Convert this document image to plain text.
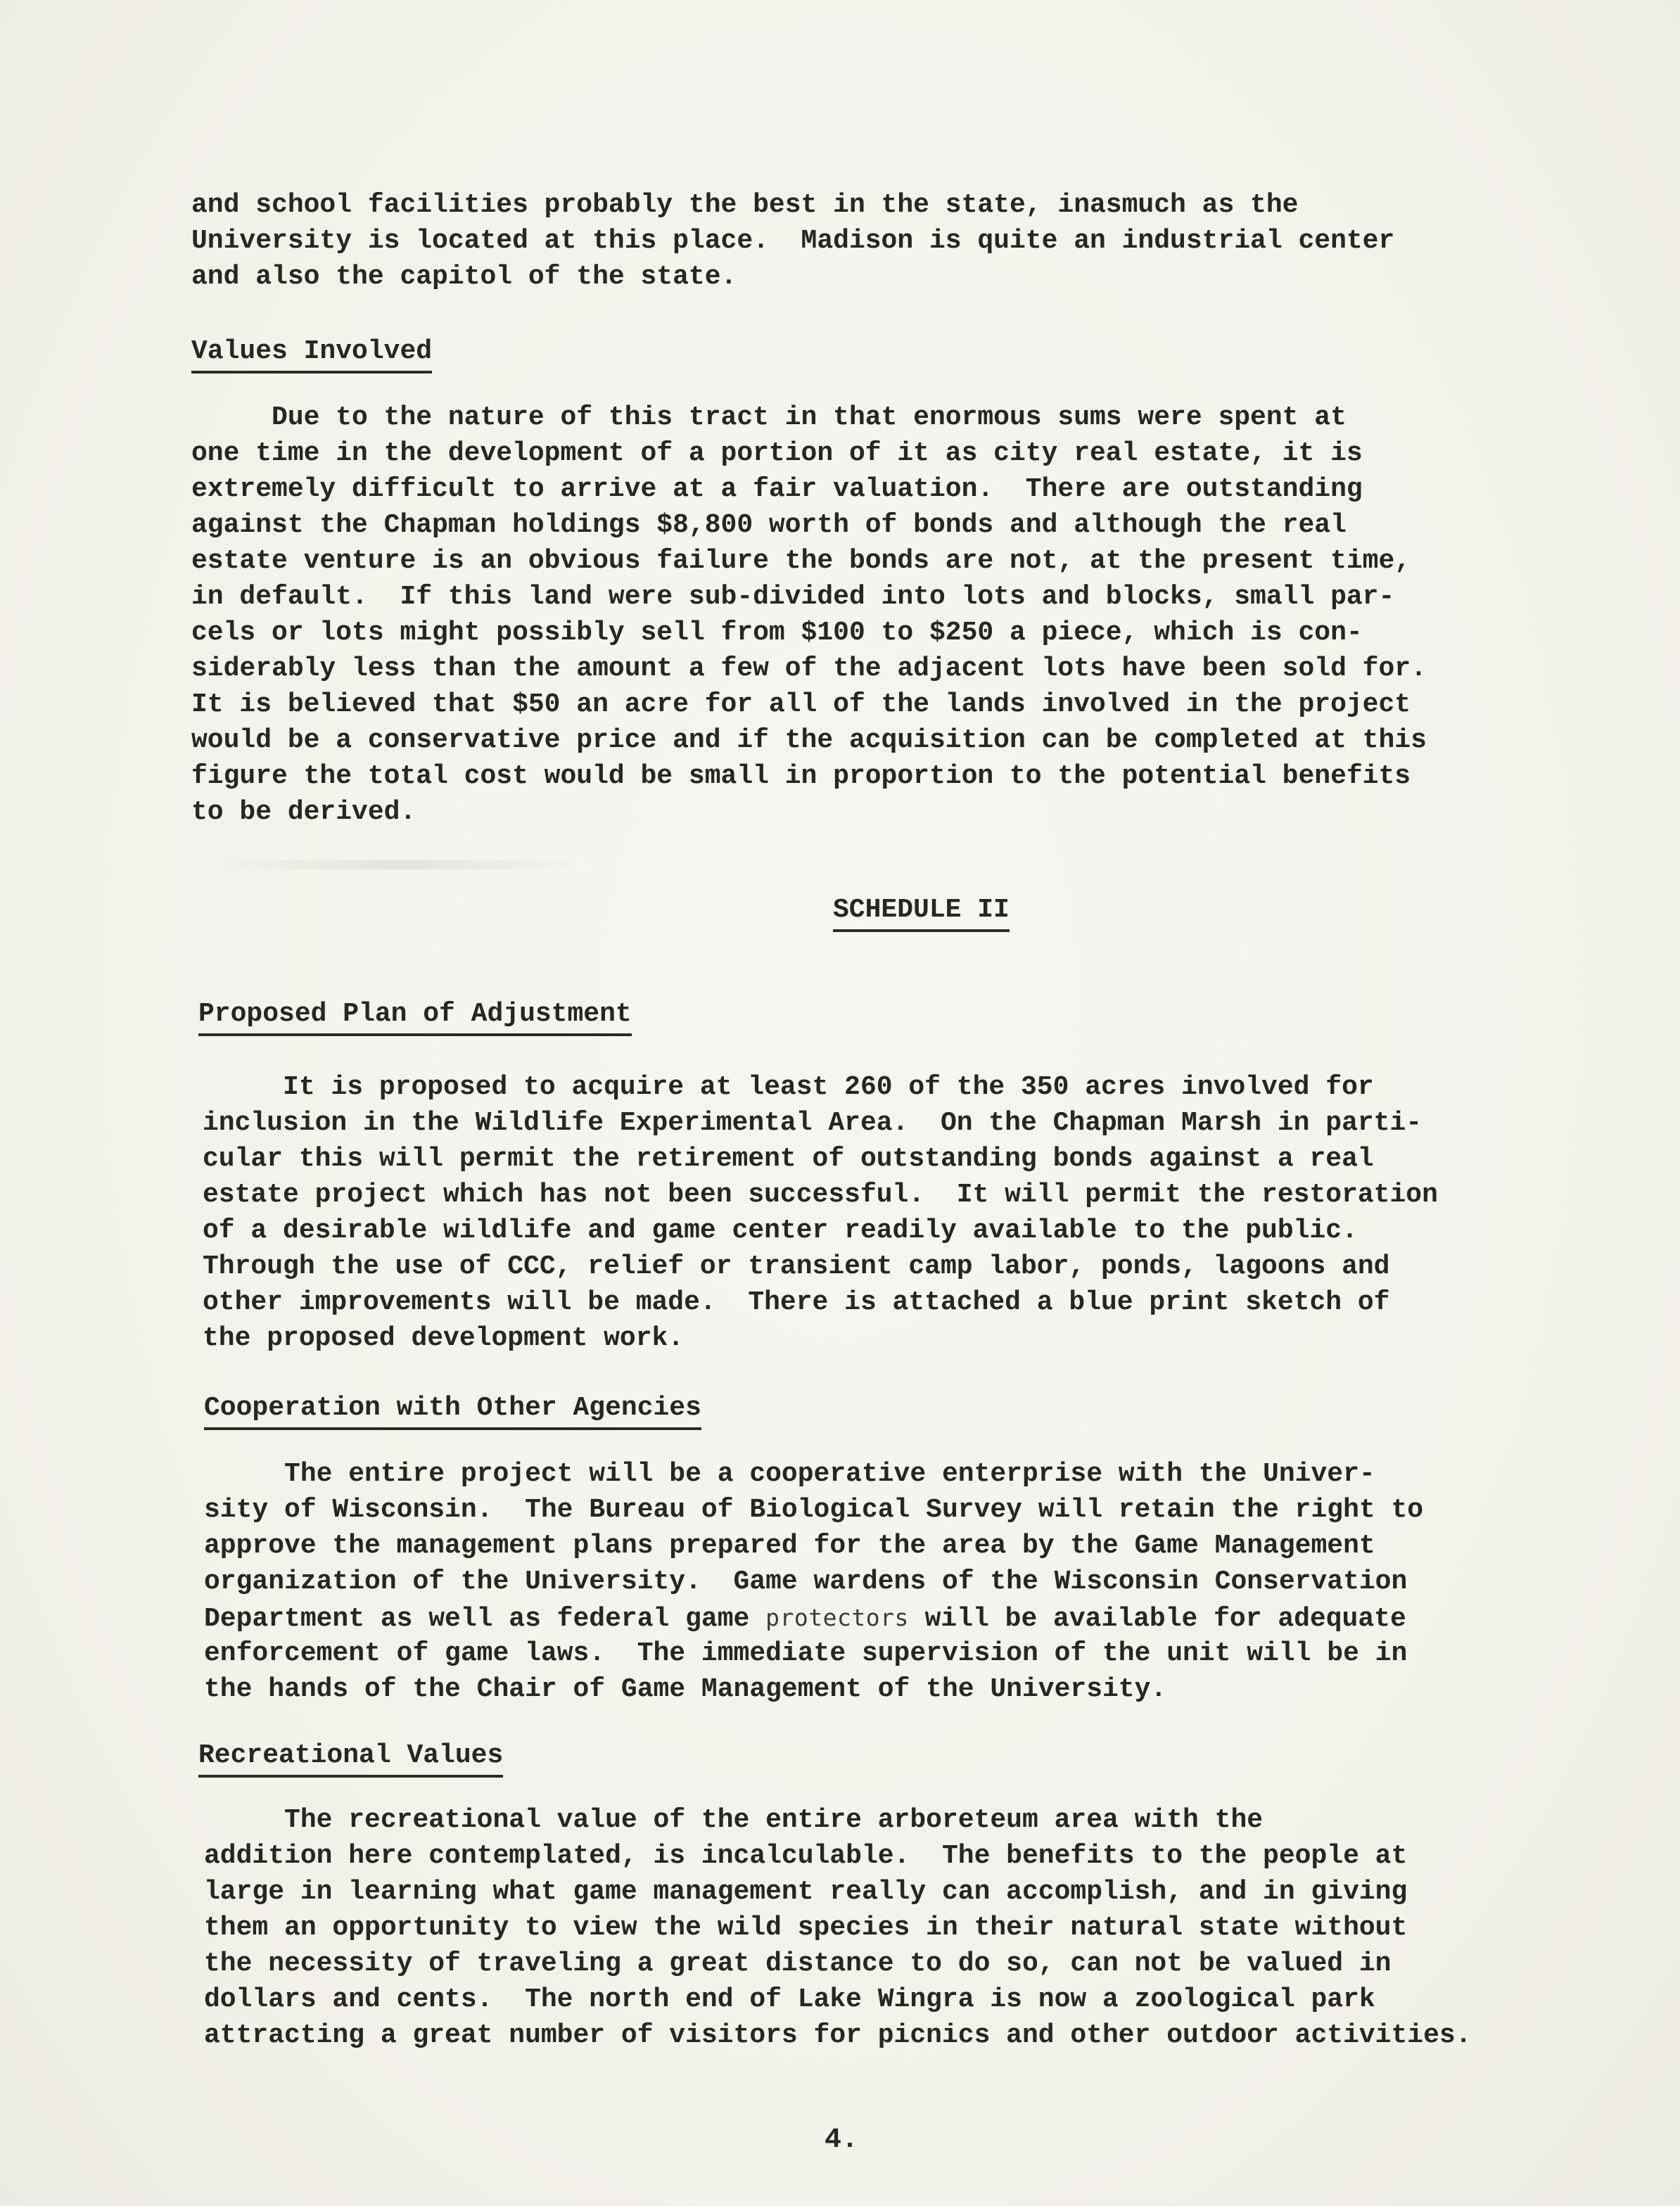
and school facilities probably the best in the state, inasmuch as the
University is located at this place.  Madison is quite an industrial center
and also the capitol of the state.
Values Involved
Due to the nature of this tract in that enormous sums were spent at
one time in the development of a portion of it as city real estate, it is
extremely difficult to arrive at a fair valuation.  There are outstanding
against the Chapman holdings $8,800 worth of bonds and although the real
estate venture is an obvious failure the bonds are not, at the present time,
in default.  If this land were sub-divided into lots and blocks, small par-
cels or lots might possibly sell from $100 to $250 a piece, which is con-
siderably less than the amount a few of the adjacent lots have been sold for.
It is believed that $50 an acre for all of the lands involved in the project
would be a conservative price and if the acquisition can be completed at this
figure the total cost would be small in proportion to the potential benefits
to be derived.
SCHEDULE II
Proposed Plan of Adjustment
It is proposed to acquire at least 260 of the 350 acres involved for
inclusion in the Wildlife Experimental Area.  On the Chapman Marsh in parti-
cular this will permit the retirement of outstanding bonds against a real
estate project which has not been successful.  It will permit the restoration
of a desirable wildlife and game center readily available to the public.
Through the use of CCC, relief or transient camp labor, ponds, lagoons and
other improvements will be made.  There is attached a blue print sketch of
the proposed development work.
Cooperation with Other Agencies
The entire project will be a cooperative enterprise with the Univer-
sity of Wisconsin.  The Bureau of Biological Survey will retain the right to
approve the management plans prepared for the area by the Game Management
organization of the University.  Game wardens of the Wisconsin Conservation
Department as well as federal game protectors will be available for adequate
enforcement of game laws.  The immediate supervision of the unit will be in
the hands of the Chair of Game Management of the University.
Recreational Values
The recreational value of the entire arboreteum area with the
addition here contemplated, is incalculable.  The benefits to the people at
large in learning what game management really can accomplish, and in giving
them an opportunity to view the wild species in their natural state without
the necessity of traveling a great distance to do so, can not be valued in
dollars and cents.  The north end of Lake Wingra is now a zoological park
attracting a great number of visitors for picnics and other outdoor activities.
4.
